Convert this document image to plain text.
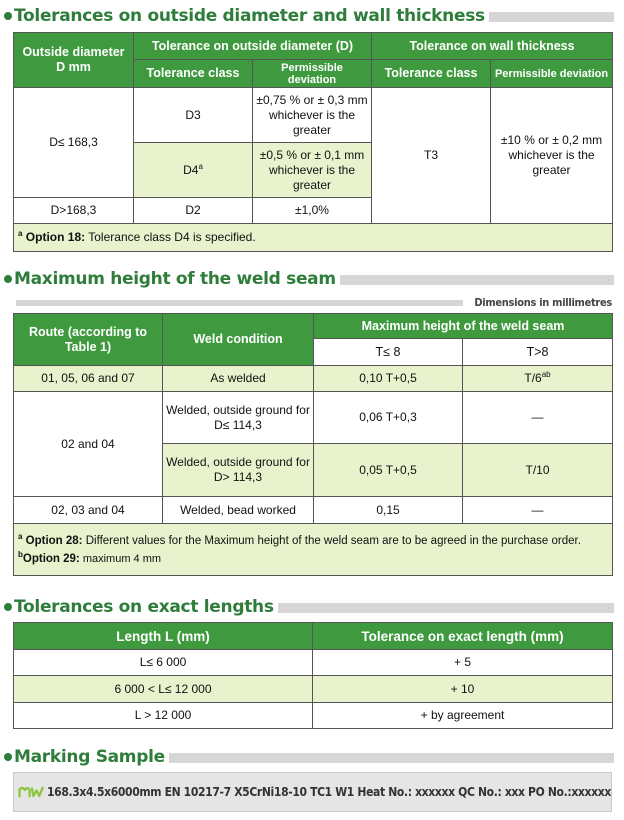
Tolerances on outside diameter and wall thickness
Outside diameter D mm	Tolerance on outside diameter (D)		Tolerance on wall thickness	
	Tolerance class	Permissible deviation	Tolerance class	Permissible deviation
D≤ 168,3	D3	±0,75 % or ± 0,3 mm whichever is the greater	T3	±10 % or ± 0,2 mm whichever is the greater
	$D4^a$	±0,5 % or ± 0,1 mm whichever is the greater		
D>168,3	D2	±1,0%		
$^a$ Option 18: Tolerance class D4 is specified.				
Maximum height of the weld seam
Dimensions in millimetres
Route (according to Table 1)	Weld condition	Maximum height of the weld seam	
		T≤ 8	T>8
01, 05, 06 and 07	As welded	0,10 T+0,5	$T/6^{ab}$
02 and 04	Welded, outside ground for D≤ 114,3	0,06 T+0,3	—
	Welded, outside ground for D> 114,3	0,05 T+0,5	T/10
02, 03 and 04	Welded, bead worked	0,15	—

$^a$ Option 28: Different values for the Maximum height of the weld seam are to be agreed in the purchase order.
$^b$Option 29: maximum 4 mm			
Tolerances on exact lengths
Length L (mm)	Tolerance on exact length (mm)
L≤ 6 000	+ 5
6 000 < L≤ 12 000	+ 10
L > 12 000	+ by agreement
Marking Sample
168.3x4.5x6000mm EN 10217-7 X5CrNi18-10 TC1 W1 Heat No.: xxxxxx QC No.: xxx PO No.:xxxxxx
